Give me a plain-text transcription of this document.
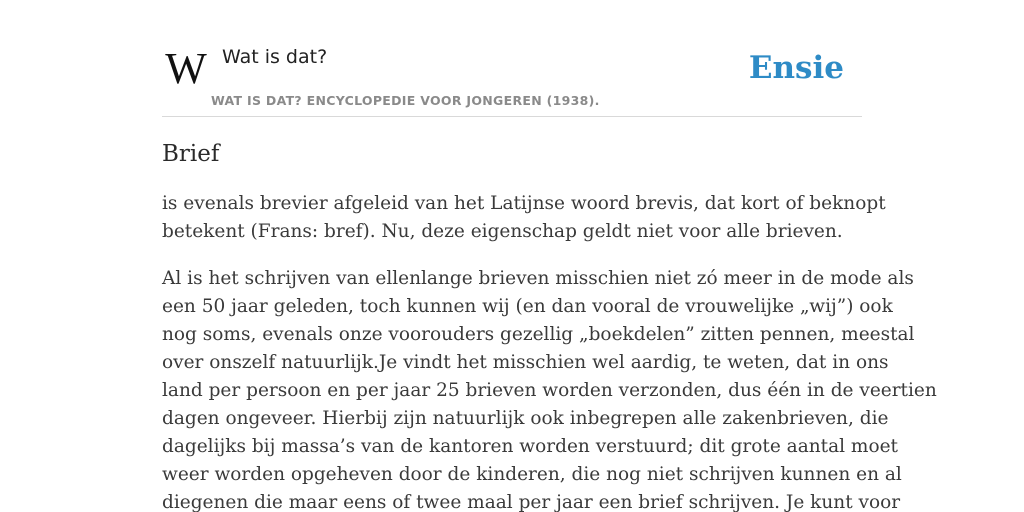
W Wat is dat?
WAT IS DAT? ENCYCLOPEDIE VOOR JONGEREN (1938).
Ensie
Brief

is evenals brevier afgeleid van het Latijnse woord brevis, dat kort of beknopt
betekent (Frans: bref). Nu, deze eigenschap geldt niet voor alle brieven.

Al is het schrijven van ellenlange brieven misschien niet zó meer in de mode als
een 50 jaar geleden, toch kunnen wij (en dan vooral de vrouwelijke „wij”) ook
nog soms, evenals onze voorouders gezellig „boekdelen” zitten pennen, meestal
over onszelf natuurlijk.Je vindt het misschien wel aardig, te weten, dat in ons
land per persoon en per jaar 25 brieven worden verzonden, dus één in de veertien
dagen ongeveer. Hierbij zijn natuurlijk ook inbegrepen alle zakenbrieven, die
dagelijks bij massa’s van de kantoren worden verstuurd; dit grote aantal moet
weer worden opgeheven door de kinderen, die nog niet schrijven kunnen en al
diegenen die maar eens of twee maal per jaar een brief schrijven. Je kunt voor
